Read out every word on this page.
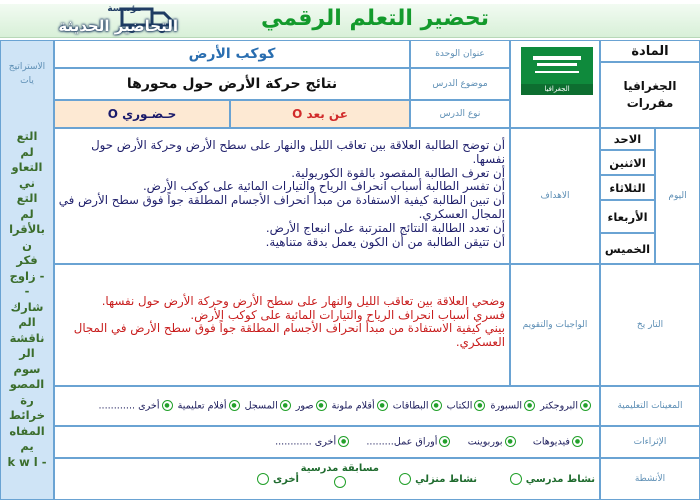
تحضير التعلم الرقمي
مؤسسة
التحاضير الحديثة
الاستراتيج يات
التع
لم
التعاو
ني
التع
لم
بالأقرا
ن
فكر
- زاوج
-
شارك
الم
ناقشة
الر
سوم
المصو
رة
خرائط
المفاه
يم
k w l -
المادة
الجغرافيا	الجغرافيا مقررات
عنوان الوحدة
كوكب الأرض
موضوع الدرس
نتائج حركة الأرض حول محورها
نوع الدرس
عن بعد O
حـضـوري O
اليوم
الاحد
الاثنين
الثلاثاء
الأربعاء
الخميس
الاهداف
أن توضح الطالبة العلاقة بين تعاقب الليل والنهار على سطح الأرض وحركة الأرض حول نفسها.
أن تعرف الطالبة المقصود بالقوة الكوريولية.
أن تفسر الطالبة أسباب انحراف الرياح والتيارات المائية على كوكب الأرض.
أن تبين الطالبة كيفية الاستفادة من مبدأ انحراف الأجسام المطلقة جواً فوق سطح الأرض في المجال العسكري.
أن تعدد الطالبة النتائج المترتبة على انبعاج الأرض.
أن تتيقن الطالبة من أن الكون يعمل بدقة متناهية.
التار يخ
الواجبات والتقويم
وضحي العلاقة بين تعاقب الليل والنهار على سطح الأرض وحركة الأرض حول نفسها.
فسري أسباب انحراف الرياح والتيارات المائية على كوكب الأرض.
بيني كيفية الاستفادة من مبدأ انحراف الأجسام المطلقة جواً فوق سطح الأرض في المجال العسكري.
المعينات التعليمية
●البروجكتر ●السبورة ●الكتاب ●البطاقات ●أقلام ملونة ●صور ●المسجل ●أفلام تعليمية ●أخرى ............
الإثراءات
●فيديوهات     ●بوربوينت     ●أوراق عمل.........     ●أخرى ............
الأنشطة
نشاط مدرسي
نشاط منزلي
مسابقة مدرسية
أخرى
